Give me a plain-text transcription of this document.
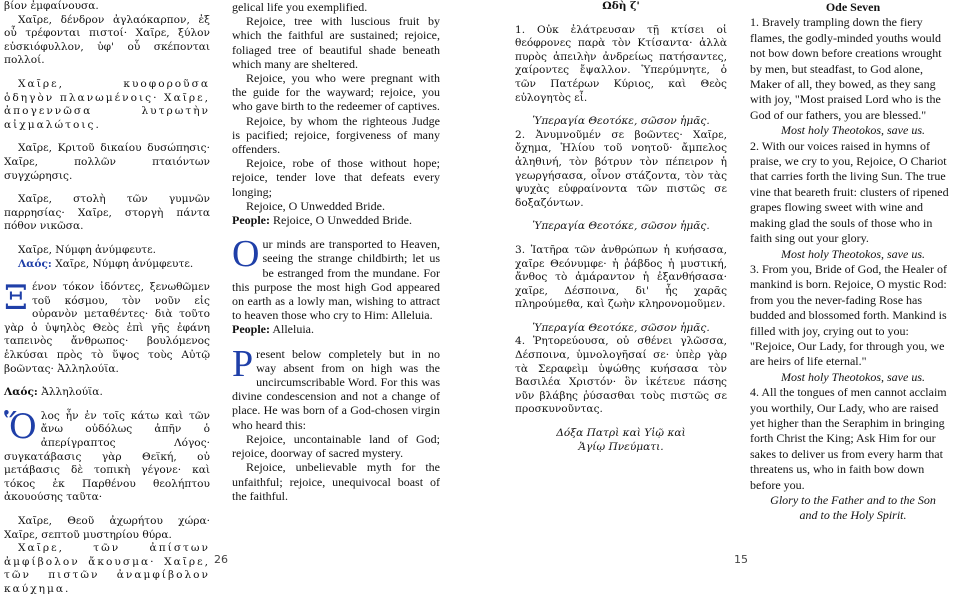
βίον ἐμφαίνουσα.

Χαῖρε, δένδρον ἀγλαόκαρπον, ἐξ οὗ τρέφονται πιστοί· Χαῖρε, ξύλον εὐσκιόφυλλον, ὑφ' οὗ σκέπονται πολλοί.

Χαῖρε, κυοφοροῦσα ὁδηγὸν πλανωμένοις· Χαῖρε, ἀπογεννῶσα λυτρωτὴν αἰχμαλώτοις.

Χαῖρε, Κριτοῦ δικαίου δυσώπησις· Χαῖρε, πολλῶν πταιόντων συγχώρησις.

Χαῖρε, στολὴ τῶν γυμνῶν παρρησίας· Χαῖρε, στοργὴ πάντα πόθον νικῶσα.

Χαῖρε, Νύμφη ἀνύμφευτε.

Λαός: Χαῖρε, Νύμφη ἀνύμφευτε.

Ξένον τόκον ἰδόντες, ξενωθῶμεν τοῦ κόσμου, τὸν νοῦν εἰς οὐρανὸν μεταθέντες· διὰ τοῦτο γὰρ ὁ ὑψηλὸς Θεὸς ἐπὶ γῆς ἐφάνη ταπεινὸς ἄνθρωπος· βουλόμενος ἑλκύσαι πρὸς τὸ ὕψος τοὺς Αὐτῷ βοῶντας· Ἀλληλούϊα.

Λαός: Ἀλληλούϊα.

Ὅλος ἦν ἐν τοῖς κάτω καὶ τῶν ἄνω οὐδόλως ἀπῆν ὁ ἀπερίγραπτος Λόγος· συγκατάβασις γὰρ Θεϊκή, οὐ μετάβασις δὲ τοπικὴ γέγονε· καὶ τόκος ἐκ Παρθένου θεολήπτου ἀκουούσης ταῦτα·

Χαῖρε, Θεοῦ ἀχωρήτου χώρα· Χαῖρε, σεπτοῦ μυστηρίου θύρα.

Χαῖρε, τῶν ἀπίστων ἀμφίβολον ἄκουσμα· Χαῖρε, τῶν πιστῶν ἀναμφίβολον καύχημα.

gelical life you exemplified.

Rejoice, tree with luscious fruit by which the faithful are sustained; rejoice, foliaged tree of beautiful shade beneath which many are sheltered.

Rejoice, you who were pregnant with the guide for the wayward; rejoice, you who gave birth to the redeemer of captives.

Rejoice, by whom the righteous Judge is pacified; rejoice, forgiveness of many offenders.

Rejoice, robe of those without hope; rejoice, tender love that defeats every longing;

Rejoice, O Unwedded Bride.

People: Rejoice, O Unwedded Bride.

Our minds are transported to Heaven, seeing the strange childbirth; let us be estranged from the mundane. For this purpose the most high God appeared on earth as a lowly man, wishing to attract to heaven those who cry to Him: Alleluia.

People: Alleluia.

Present below completely but in no way absent from on high was the uncircumscribable Word. For this was divine condescension and not a change of place. He was born of a God-chosen virgin who heard this:

Rejoice, uncontainable land of God; rejoice, doorway of sacred mystery.

Rejoice, unbelievable myth for the unfaithful; rejoice, unequivocal boast of the faithful.

Ωδὴ ζ'

1. Οὐκ ἐλάτρευσαν τῇ κτίσει οἱ θεόφρονες παρὰ τὸν Κτίσαντα· ἀλλὰ πυρὸς ἀπειλὴν ἀνδρείως πατήσαντες, χαίροντες ἔψαλλον. Ὑπερύμνητε, ὁ τῶν Πατέρων Κύριος, καὶ Θεὸς εὐλογητὸς εἶ.

Ὑπεραγία Θεοτόκε, σῶσον ἡμᾶς.

2. Ἀνυμνοῦμέν σε βοῶντες· Χαῖρε, ὄχημα, Ἡλίου τοῦ νοητοῦ· ἄμπελος ἀληθινή, τὸν βότρυν τὸν πέπειρον ἡ γεωργήσασα, οἶνον στάζοντα, τὸν τὰς ψυχὰς εὐφραίνοντα τῶν πιστῶς σε δοξαζόντων.

Ὑπεραγία Θεοτόκε, σῶσον ἡμᾶς.

3. Ἰατῆρα τῶν ἀνθρώπων ἡ κυήσασα, χαῖρε Θεόνυμφε· ἡ ῥάβδος ἡ μυστική, ἄνθος τὸ ἀμάραντον ἡ ἐξανθήσασα· χαῖρε, Δέσποινα, δι' ἧς χαρᾶς πληρούμεθα, καὶ ζωὴν κληρονομοῦμεν.

Ὑπεραγία Θεοτόκε, σῶσον ἡμᾶς.

4. Ῥητορεύουσα, οὐ σθένει γλῶσσα, Δέσποινα, ὑμνολογῆσαί σε· ὑπὲρ γὰρ τὰ Σεραφεὶμ ὑψώθης κυήσασα τὸν Βασιλέα Χριστόν· ὃν ἱκέτευε πάσης νῦν βλάβης ῥύσασθαι τοὺς πιστῶς σε προσκυνοῦντας.

Δόξα Πατρὶ καὶ Υἱῷ καὶ

Ἁγίῳ Πνεύματι.

Ode Seven

1. Bravely trampling down the fiery flames, the godly-minded youths would not bow down before creations wrought by men, but steadfast, to God alone, Maker of all, they bowed, as they sang with joy, "Most praised Lord who is the God of our fathers, you are blessed."

Most holy Theotokos, save us.

2. With our voices raised in hymns of praise, we cry to you, Rejoice, O Chariot that carries forth the living Sun. The true vine that beareth fruit: clusters of ripened grapes flowing sweet with wine and making glad the souls of those who in faith sing out your glory.

Most holy Theotokos, save us.

3. From you, Bride of God, the Healer of mankind is born. Rejoice, O mystic Rod: from you the never-fading Rose has budded and blossomed forth. Mankind is filled with joy, crying out to you: "Rejoice, Our Lady, for through you, we are heirs of life eternal."

Most holy Theotokos, save us.

4. All the tongues of men cannot acclaim you worthily, Our Lady, who are raised yet higher than the Seraphim in bringing forth Christ the King; Ask Him for our sakes to deliver us from every harm that threatens us, who in faith bow down before you.

Glory to the Father and to the Son

and to the Holy Spirit.

26	15
